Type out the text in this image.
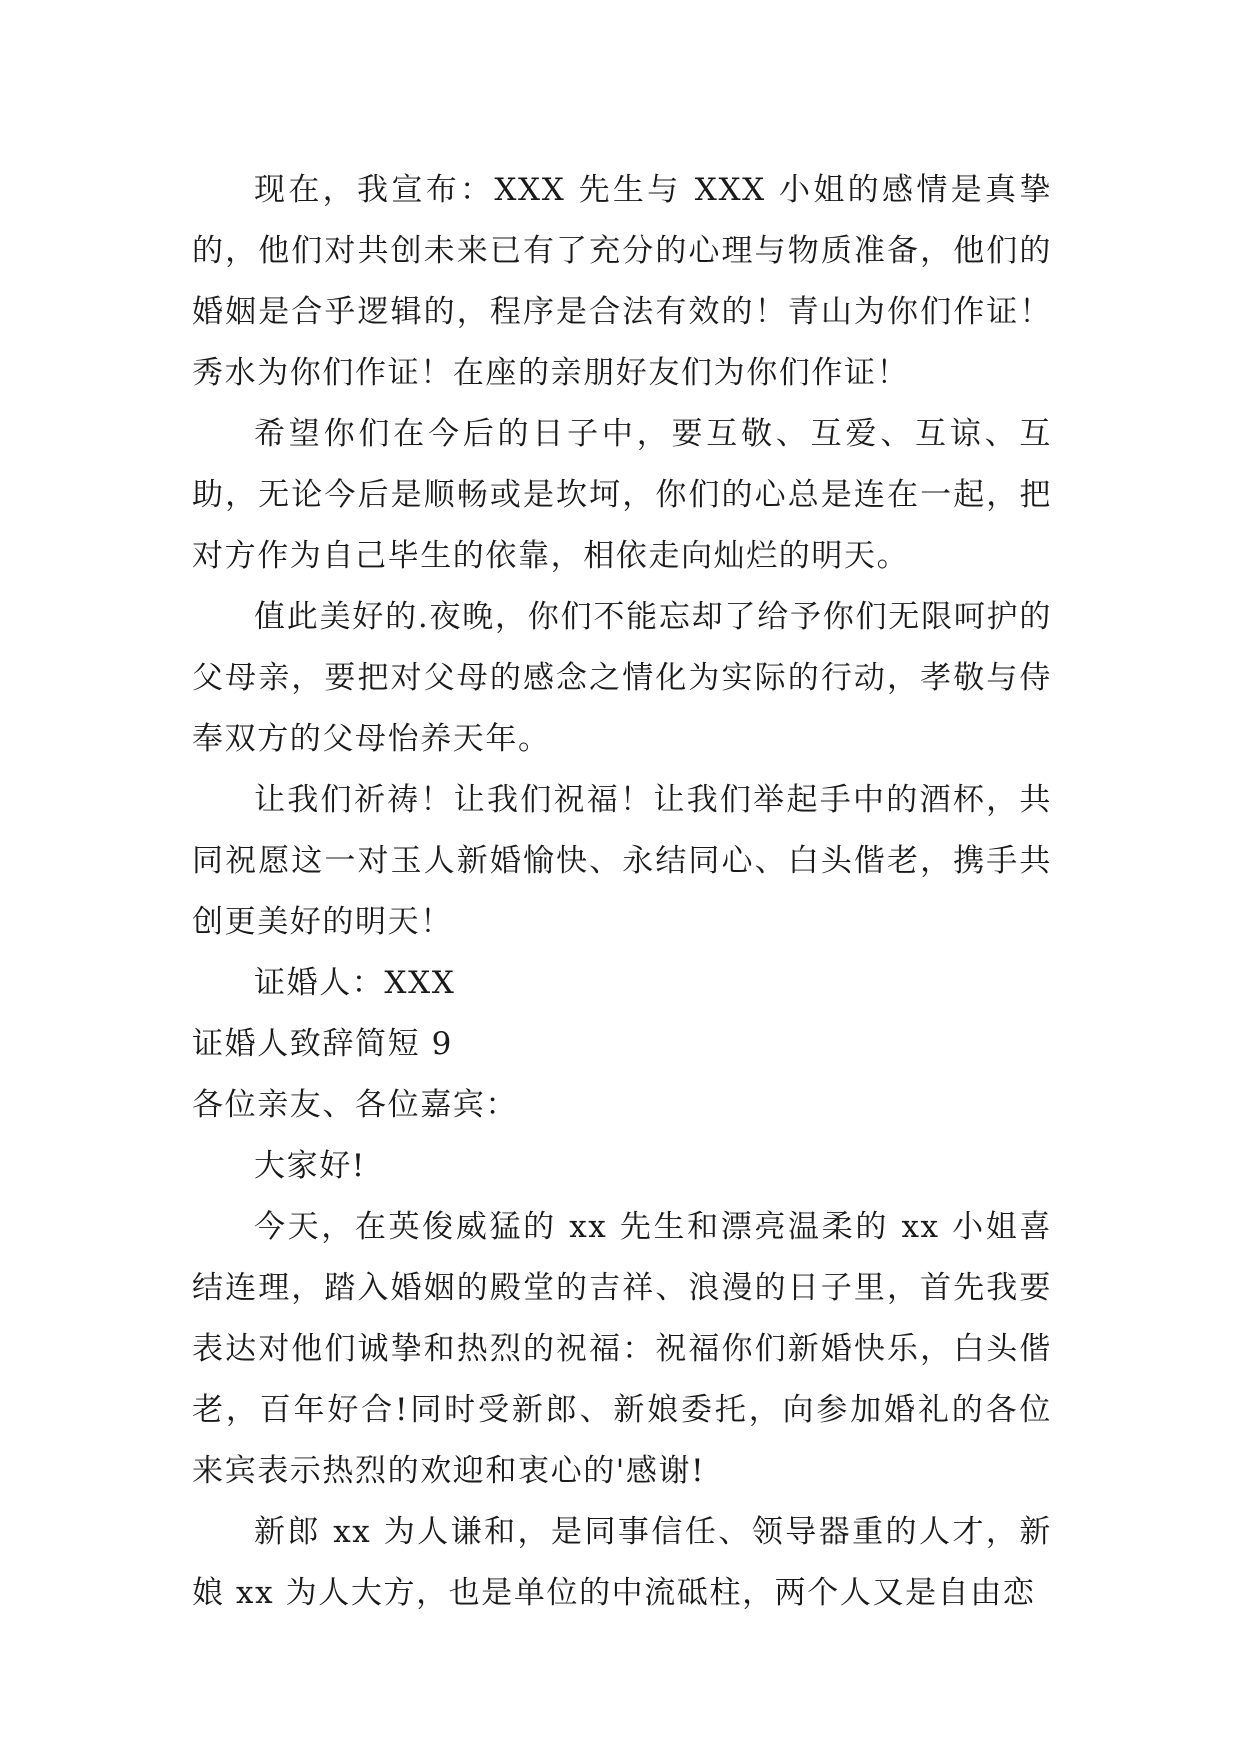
现在，我宣布：XXX 先生与 XXX 小姐的感情是真挚的，他们对共创未来已有了充分的心理与物质准备，他们的婚姻是合乎逻辑的，程序是合法有效的！青山为你们作证！秀水为你们作证！在座的亲朋好友们为你们作证！

希望你们在今后的日子中，要互敬、互爱、互谅、互助，无论今后是顺畅或是坎坷，你们的心总是连在一起，把对方作为自己毕生的依靠，相依走向灿烂的明天。

值此美好的.夜晚，你们不能忘却了给予你们无限呵护的父母亲，要把对父母的感念之情化为实际的行动，孝敬与侍奉双方的父母怡养天年。

让我们祈祷！让我们祝福！让我们举起手中的酒杯，共同祝愿这一对玉人新婚愉快、永结同心、白头偕老，携手共创更美好的明天！

证婚人：XXX

证婚人致辞简短 9

各位亲友、各位嘉宾：

大家好!

今天，在英俊威猛的 xx 先生和漂亮温柔的 xx 小姐喜结连理，踏入婚姻的殿堂的吉祥、浪漫的日子里，首先我要表达对他们诚挚和热烈的祝福：祝福你们新婚快乐，白头偕老，百年好合!同时受新郎、新娘委托，向参加婚礼的各位来宾表示热烈的欢迎和衷心的'感谢!

新郎 xx 为人谦和，是同事信任、领导器重的人才，新娘 xx 为人大方，也是单位的中流砥柱，两个人又是自由恋
